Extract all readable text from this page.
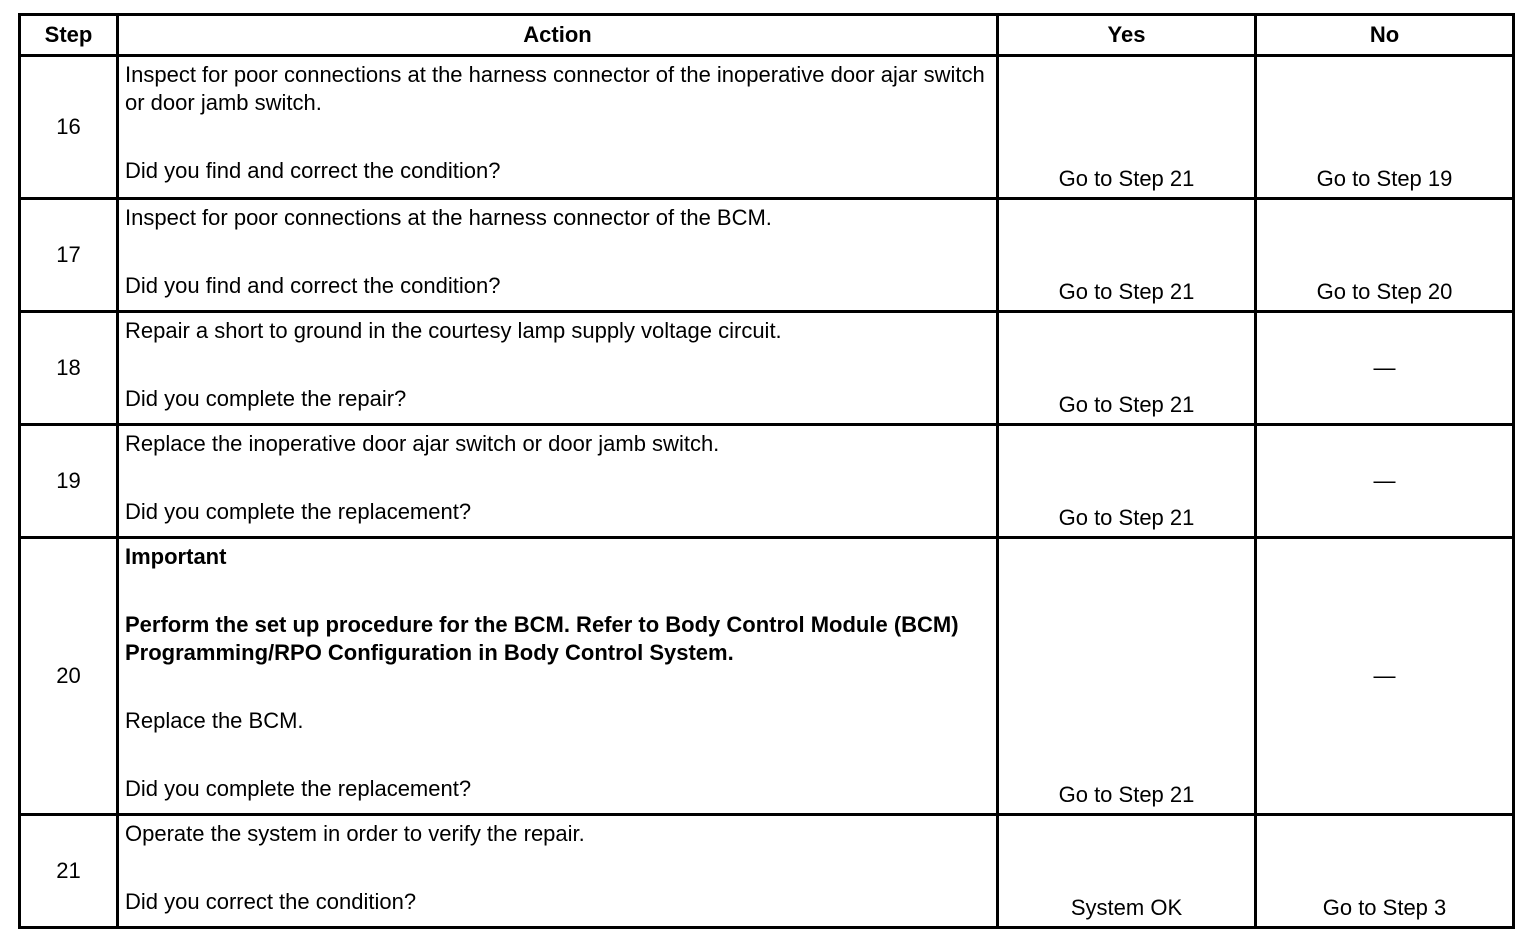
Step	Action	Yes	No
16	Inspect for poor connections at the harness connector of the inoperative door ajar switch or door jamb switch.

Did you find and correct the condition?	Go to Step 21	Go to Step 19
17	Inspect for poor connections at the harness connector of the BCM.

Did you find and correct the condition?	Go to Step 21	Go to Step 20
18	Repair a short to ground in the courtesy lamp supply voltage circuit.

Did you complete the repair?	Go to Step 21	—
19	Replace the inoperative door ajar switch or door jamb switch.

Did you complete the replacement?	Go to Step 21	—
20	Important

Perform the set up procedure for the BCM. Refer to Body Control Module (BCM) Programming/RPO Configuration in Body Control System.

Replace the BCM.

Did you complete the replacement?	Go to Step 21	—
21	Operate the system in order to verify the repair.

Did you correct the condition?	System OK	Go to Step 3
